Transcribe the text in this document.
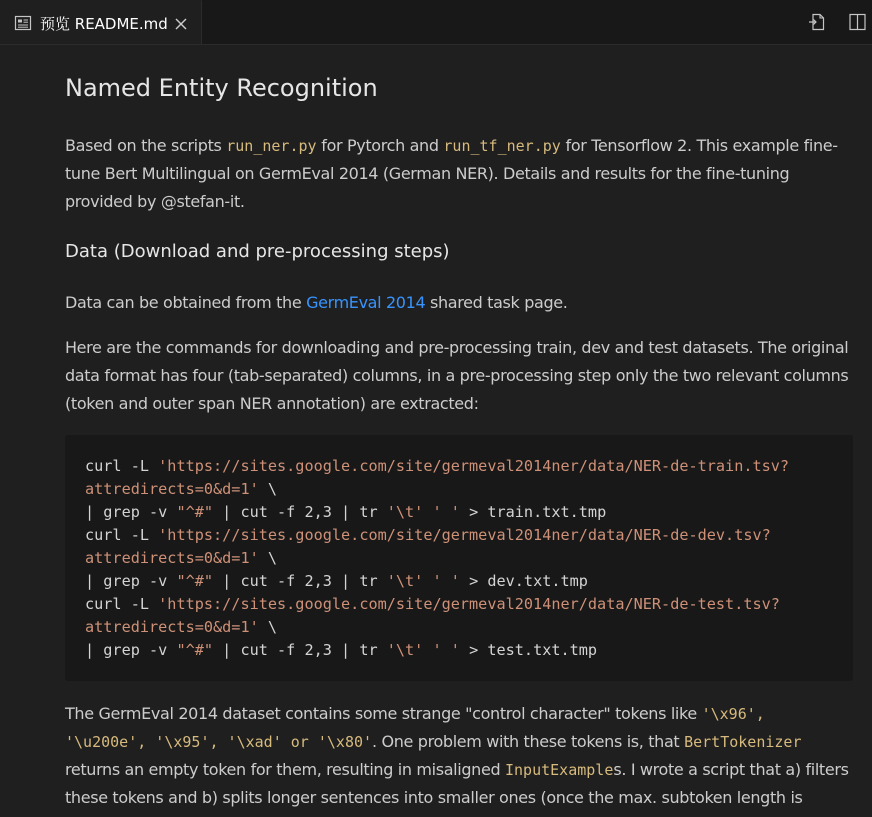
预览 README.md
Named Entity Recognition

Based on the scripts run_ner.py for Pytorch and run_tf_ner.py for Tensorflow 2. This example fine-
tune Bert Multilingual on GermEval 2014 (German NER). Details and results for the fine-tuning
provided by @stefan-it.

Data (Download and pre-processing steps)

Data can be obtained from the GermEval 2014 shared task page.

Here are the commands for downloading and pre-processing train, dev and test datasets. The original
data format has four (tab-separated) columns, in a pre-processing step only the two relevant columns
(token and outer span NER annotation) are extracted:

curl -L 'https://sites.google.com/site/germeval2014ner/data/NER-de-train.tsv?
attredirects=0&d=1' \
| grep -v "^#" | cut -f 2,3 | tr '\t' ' ' > train.txt.tmp
curl -L 'https://sites.google.com/site/germeval2014ner/data/NER-de-dev.tsv?
attredirects=0&d=1' \
| grep -v "^#" | cut -f 2,3 | tr '\t' ' ' > dev.txt.tmp
curl -L 'https://sites.google.com/site/germeval2014ner/data/NER-de-test.tsv?
attredirects=0&d=1' \
| grep -v "^#" | cut -f 2,3 | tr '\t' ' ' > test.txt.tmp

The GermEval 2014 dataset contains some strange "control character" tokens like '\x96',
'\u200e', '\x95', '\xad' or '\x80'. One problem with these tokens is, that BertTokenizer
returns an empty token for them, resulting in misaligned InputExamples. I wrote a script that a) filters
these tokens and b) splits longer sentences into smaller ones (once the max. subtoken length is
